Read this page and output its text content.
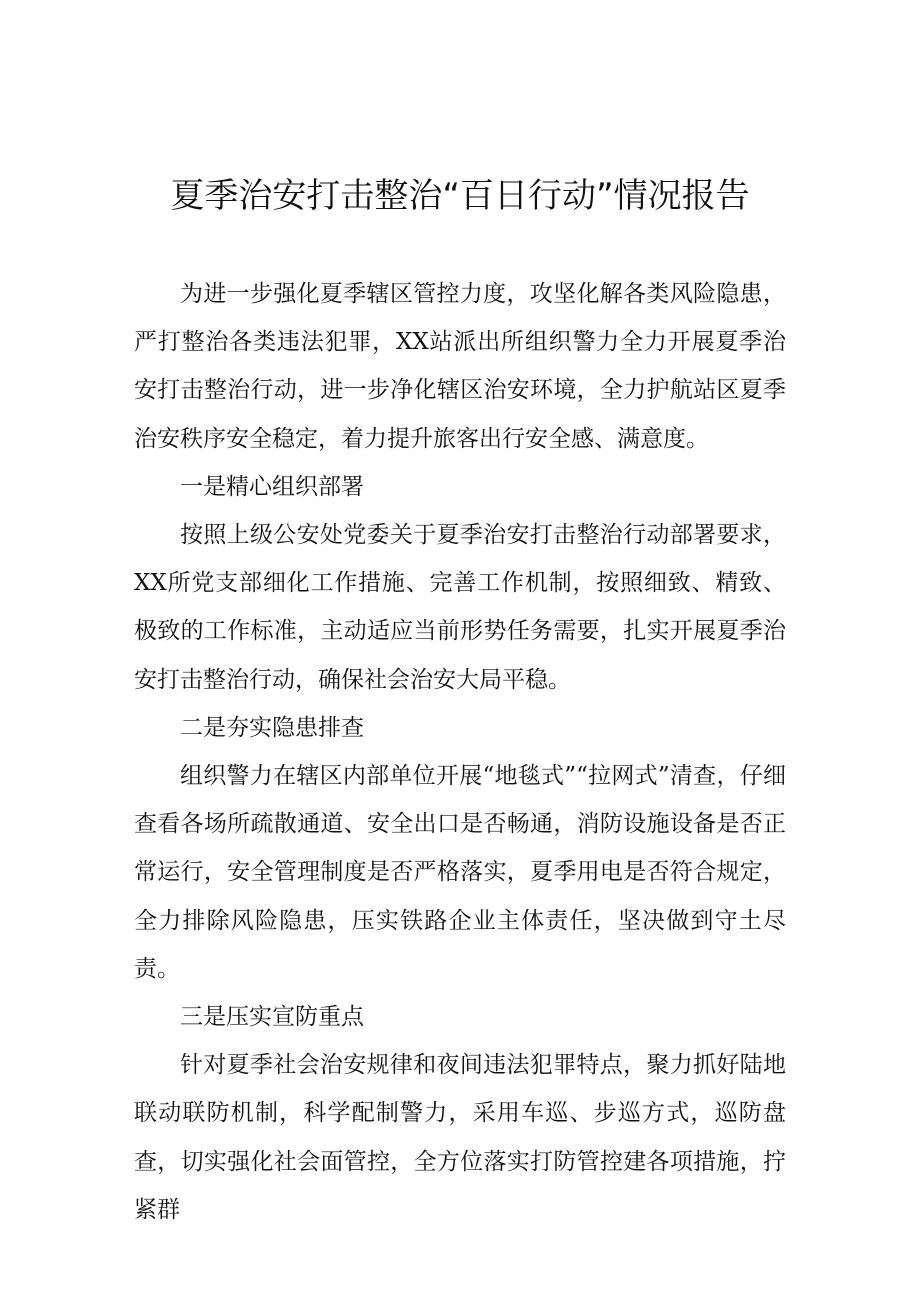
夏季治安打击整治“百日行动”情况报告

为进一步强化夏季辖区管控力度，攻坚化解各类风险隐患，严打整治各类违法犯罪，XX站派出所组织警力全力开展夏季治安打击整治行动，进一步净化辖区治安环境，全力护航站区夏季治安秩序安全稳定，着力提升旅客出行安全感、满意度。

一是精心组织部署

按照上级公安处党委关于夏季治安打击整治行动部署要求，XX所党支部细化工作措施、完善工作机制，按照细致、精致、极致的工作标准，主动适应当前形势任务需要，扎实开展夏季治安打击整治行动，确保社会治安大局平稳。

二是夯实隐患排查

组织警力在辖区内部单位开展“地毯式”“拉网式”清查，仔细查看各场所疏散通道、安全出口是否畅通，消防设施设备是否正常运行，安全管理制度是否严格落实，夏季用电是否符合规定，全力排除风险隐患，压实铁路企业主体责任，坚决做到守土尽责。

三是压实宣防重点

针对夏季社会治安规律和夜间违法犯罪特点，聚力抓好陆地联动联防机制，科学配制警力，采用车巡、步巡方式，巡防盘查，切实强化社会面管控，全方位落实打防管控建各项措施，拧紧群
